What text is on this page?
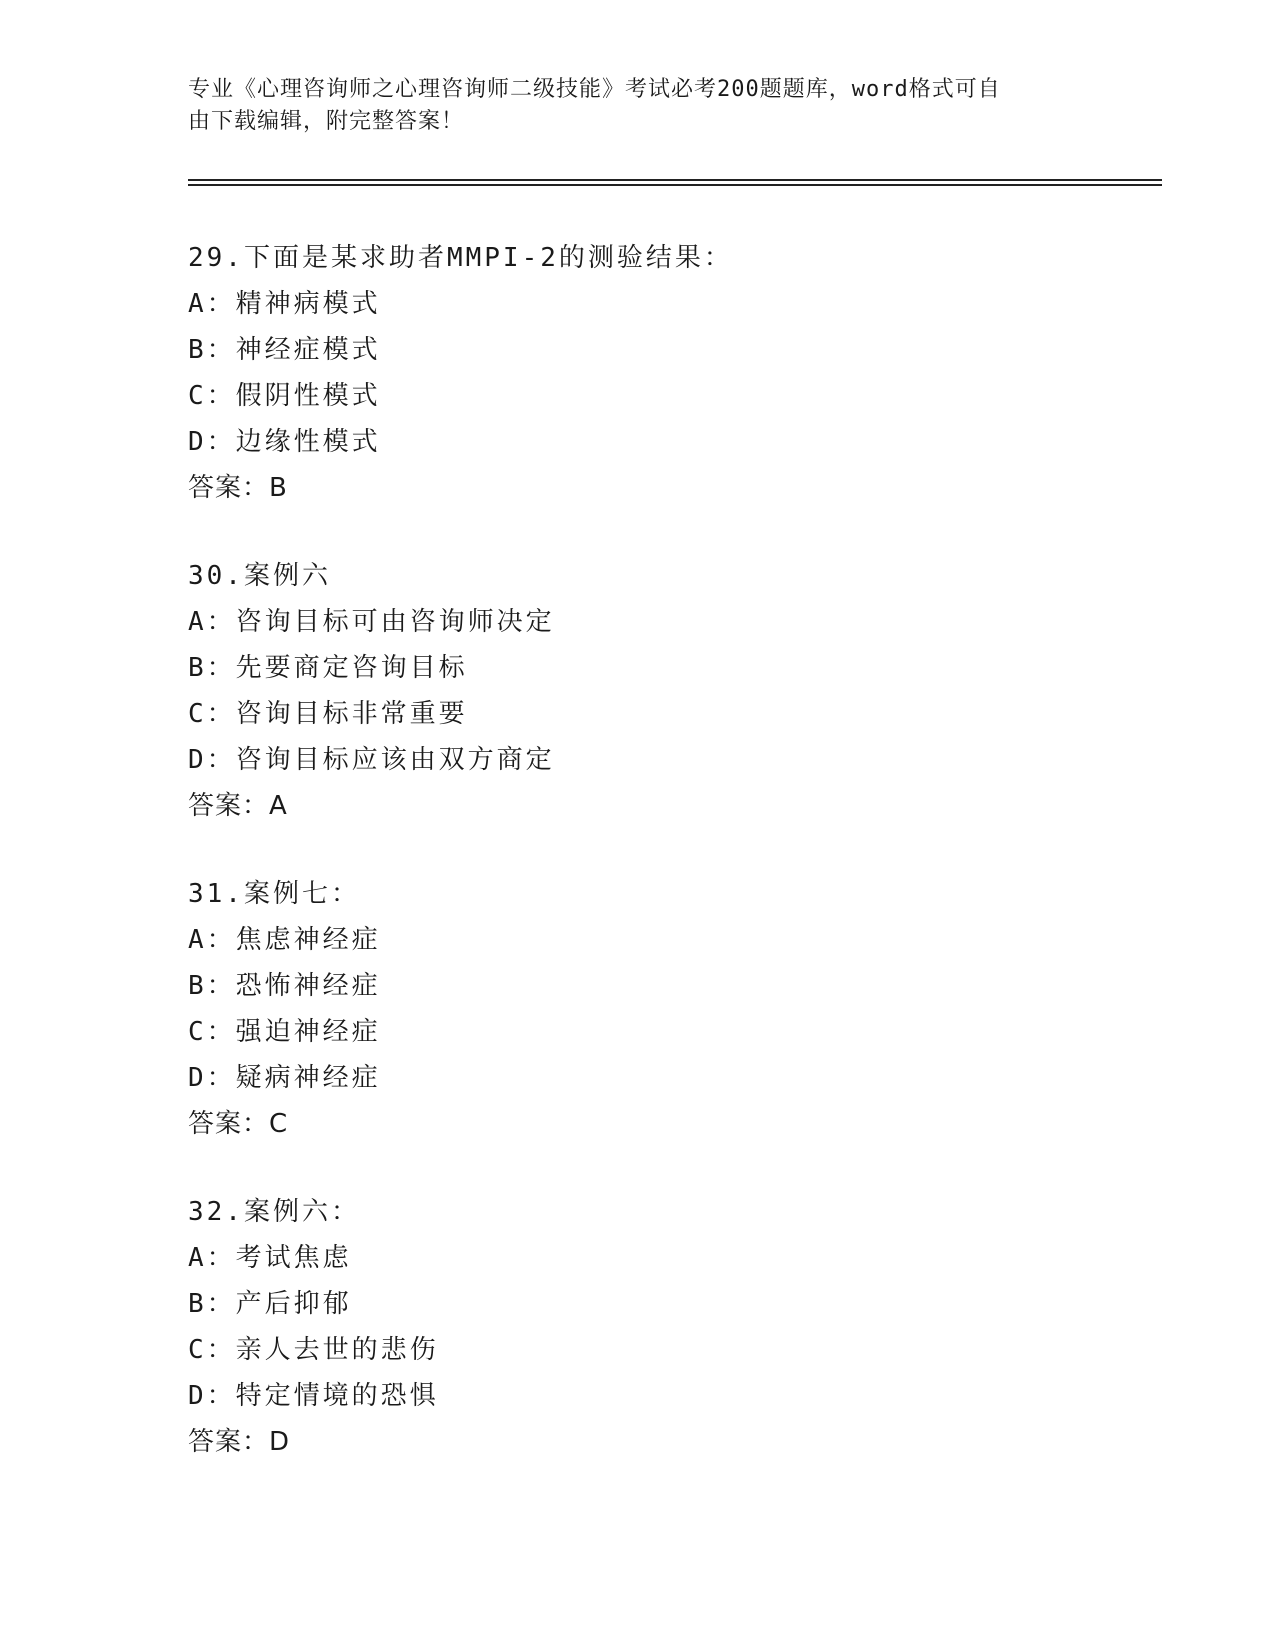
专业《心理咨询师之心理咨询师二级技能》考试必考200题题库，word格式可自
由下载编辑，附完整答案！
29.下面是某求助者MMPI-2的测验结果：
A：精神病模式
B：神经症模式
C：假阴性模式
D：边缘性模式
答案：B
30.案例六
A：咨询目标可由咨询师决定
B：先要商定咨询目标
C：咨询目标非常重要
D：咨询目标应该由双方商定
答案：A
31.案例七：
A：焦虑神经症
B：恐怖神经症
C：强迫神经症
D：疑病神经症
答案：C
32.案例六：
A：考试焦虑
B：产后抑郁
C：亲人去世的悲伤
D：特定情境的恐惧
答案：D
